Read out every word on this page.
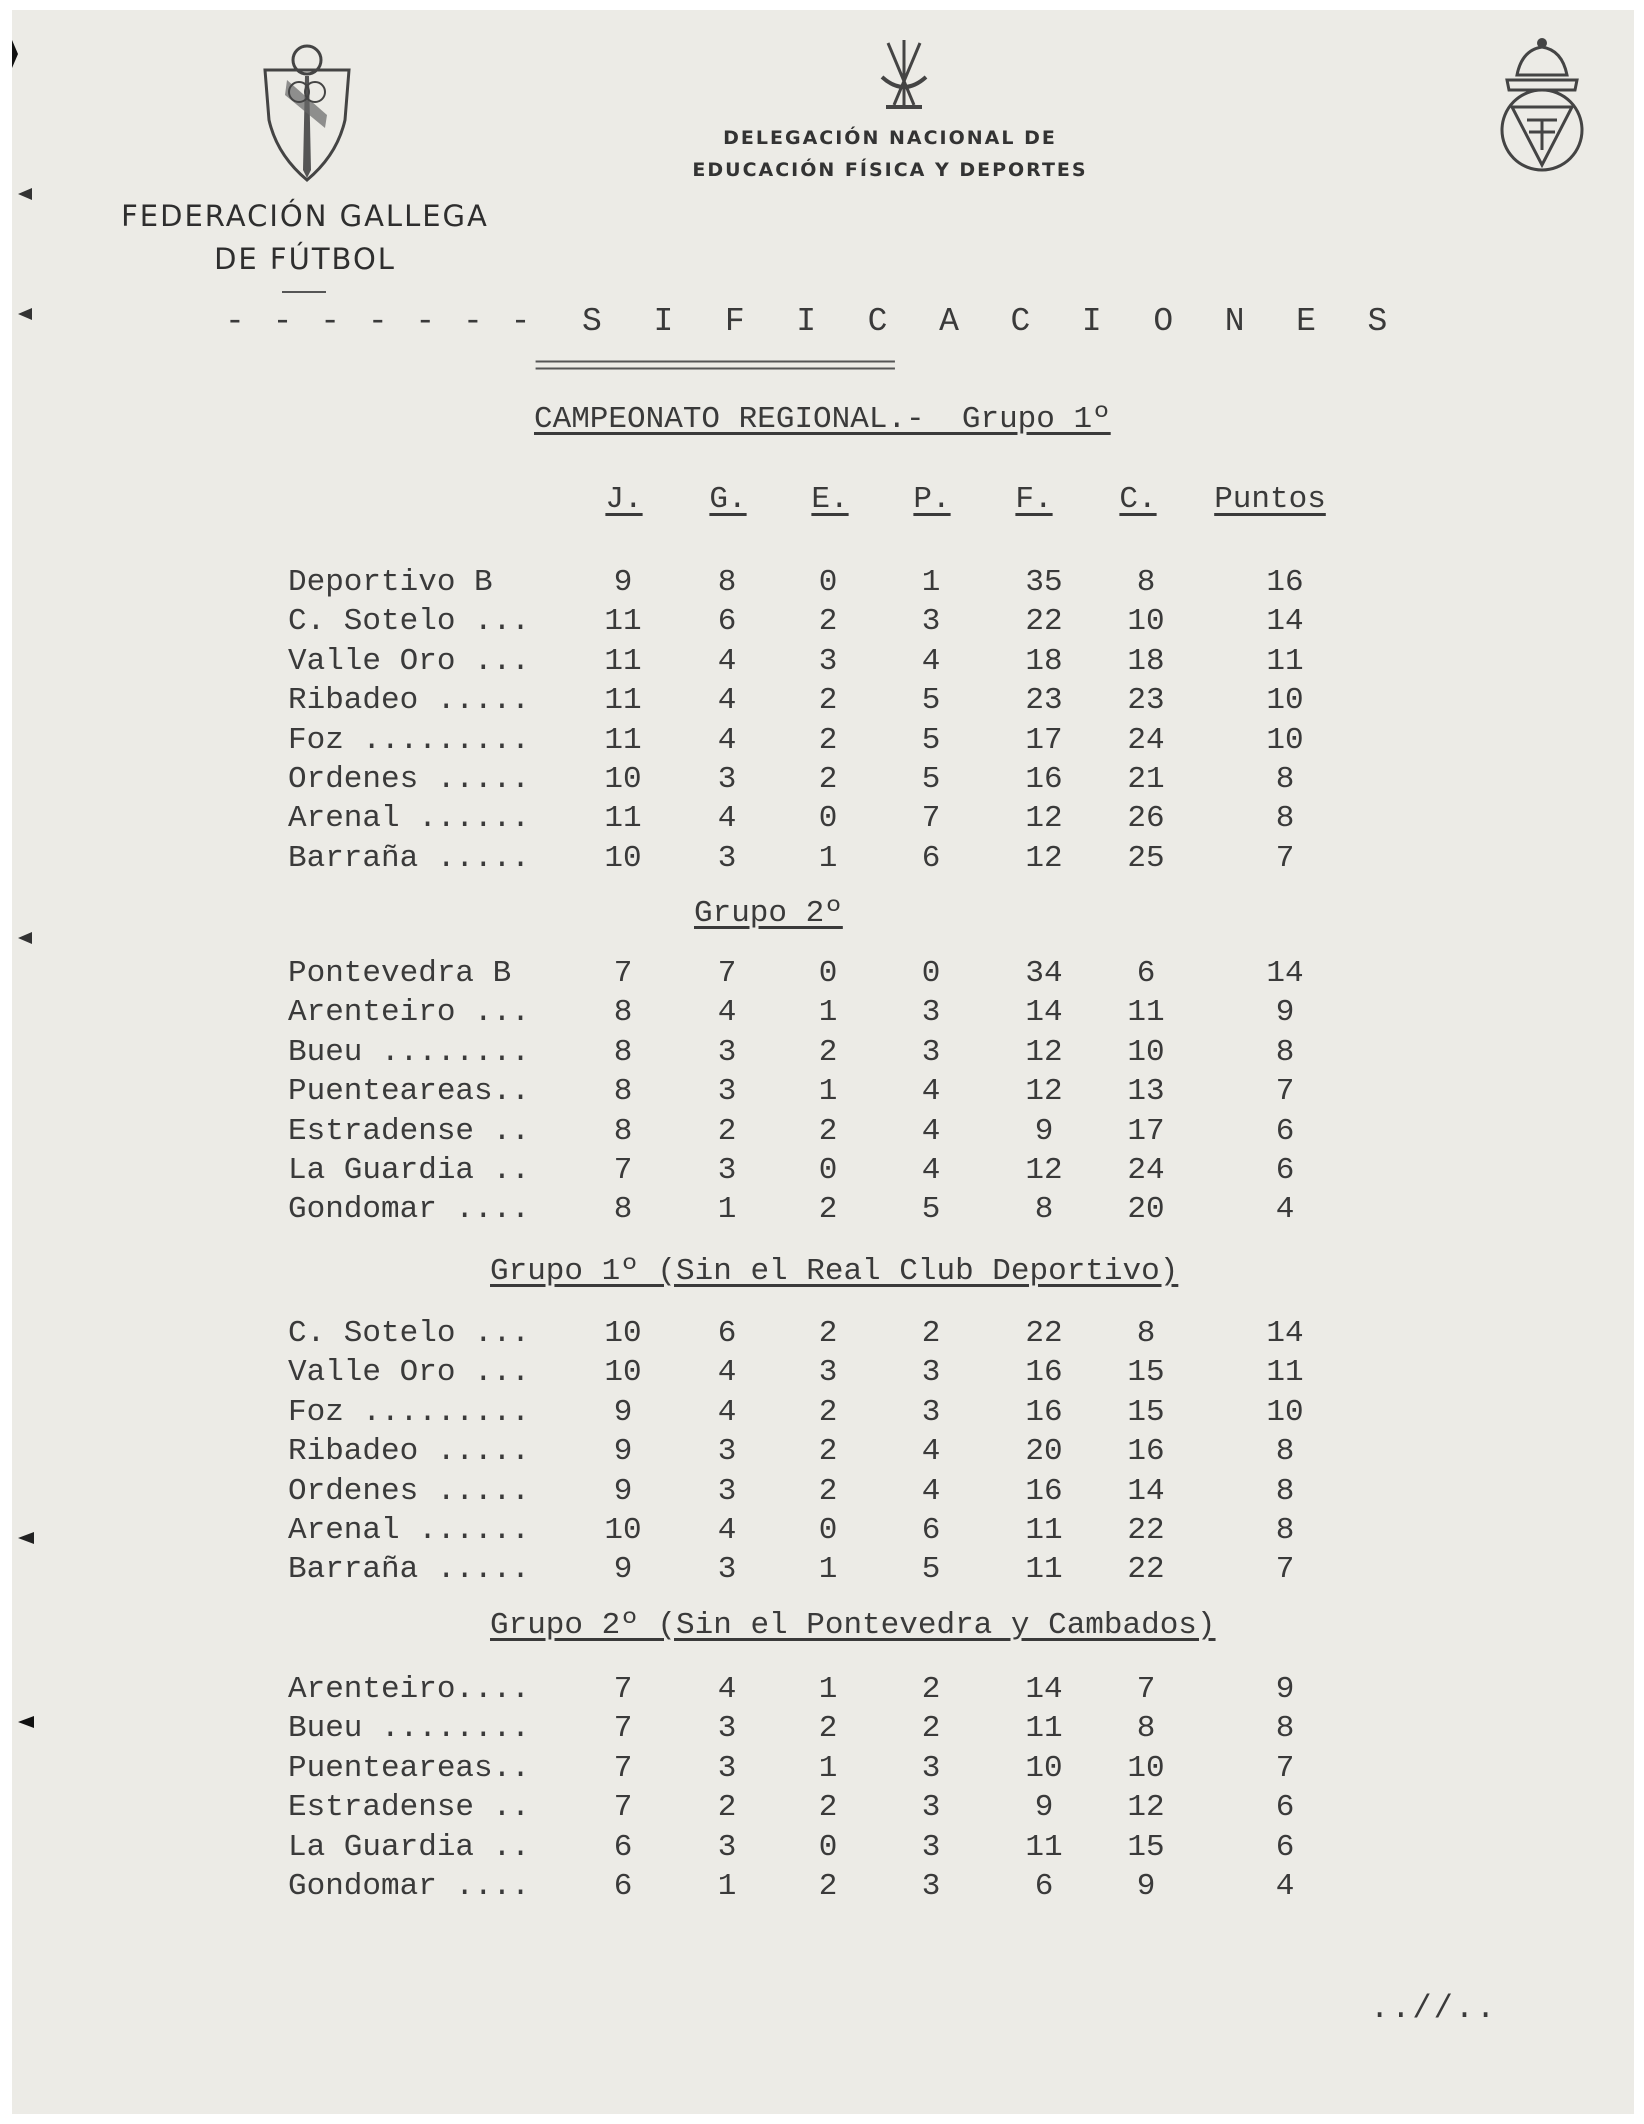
FEDERACIÓN GALLEGA
DE FÚTBOL
DELEGACIÓN NACIONAL DE
EDUCACIÓN FÍSICA Y DEPORTES
- - - - - - -  S  I  F  I  C  A  C  I  O  N  E  S
=================================
CAMPEONATO REGIONAL.-  Grupo 1º
J.	G.	E.	P.	F.	C.	Puntos
Deportivo B	9	8	0	1	35	8	16
C. Sotelo ...	11	6	2	3	22	10	14
Valle Oro ...	11	4	3	4	18	18	11
Ribadeo .....	11	4	2	5	23	23	10
Foz .........	11	4	2	5	17	24	10
Ordenes .....	10	3	2	5	16	21	8
Arenal ......	11	4	0	7	12	26	8
Barraña .....	10	3	1	6	12	25	7
Grupo 2º
Pontevedra B	7	7	0	0	34	6	14
Arenteiro ...	8	4	1	3	14	11	9
Bueu ........	8	3	2	3	12	10	8
Puenteareas..	8	3	1	4	12	13	7
Estradense ..	8	2	2	4	9	17	6
La Guardia ..	7	3	0	4	12	24	6
Gondomar ....	8	1	2	5	8	20	4
Grupo 1º (Sin el Real Club Deportivo)
C. Sotelo ...	10	6	2	2	22	8	14
Valle Oro ...	10	4	3	3	16	15	11
Foz .........	9	4	2	3	16	15	10
Ribadeo .....	9	3	2	4	20	16	8
Ordenes .....	9	3	2	4	16	14	8
Arenal ......	10	4	0	6	11	22	8
Barraña .....	9	3	1	5	11	22	7
Grupo 2º (Sin el Pontevedra y Cambados)
Arenteiro....	7	4	1	2	14	7	9
Bueu ........	7	3	2	2	11	8	8
Puenteareas..	7	3	1	3	10	10	7
Estradense ..	7	2	2	3	9	12	6
La Guardia ..	6	3	0	3	11	15	6
Gondomar ....	6	1	2	3	6	9	4
..//..
